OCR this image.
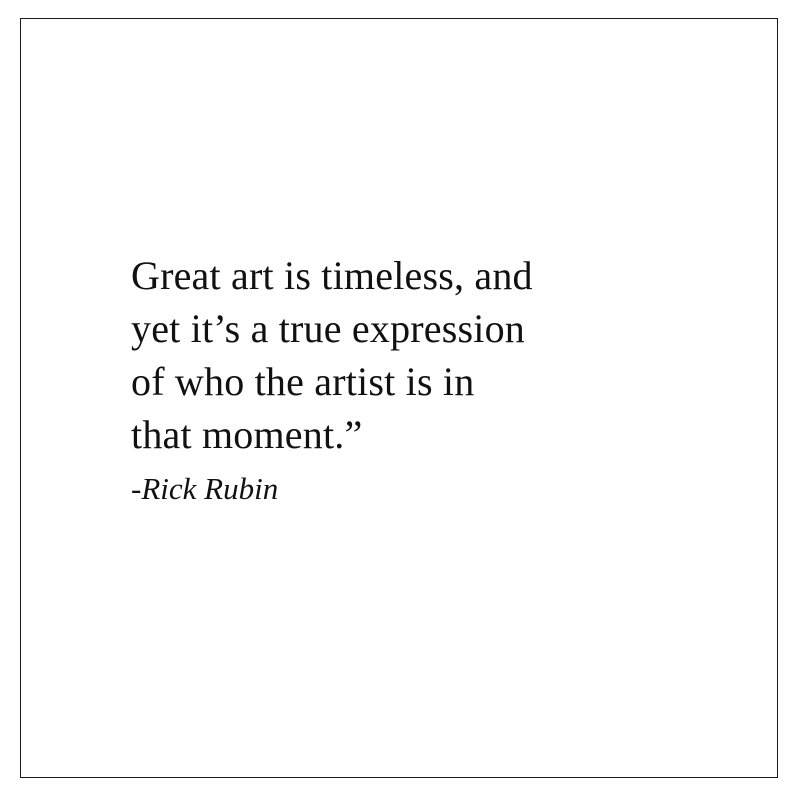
Great art is timeless, and
yet it’s a true expression
of who the artist is in
that moment.”
-Rick Rubin
